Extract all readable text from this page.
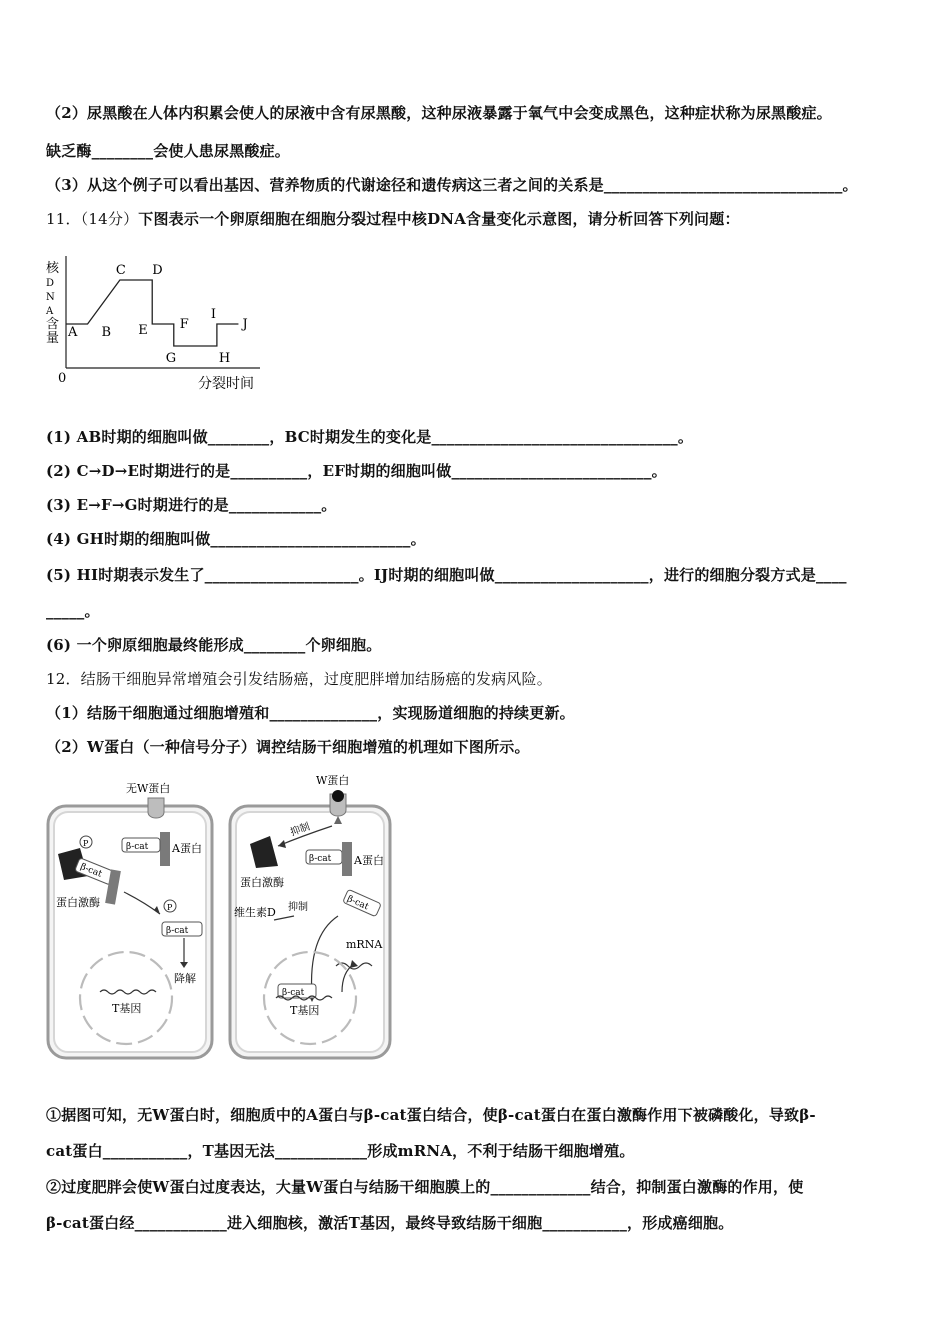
（2）尿黑酸在人体内积累会使人的尿液中含有尿黑酸，这种尿液暴露于氧气中会变成黑色，这种症状称为尿黑酸症。
缺乏酶________会使人患尿黑酸症。
（3）从这个例子可以看出基因、营养物质的代谢途径和遗传病这三者之间的关系是_______________________________。
11．（14分）下图表示一个卵原细胞在细胞分裂过程中核DNA含量变化示意图，请分析回答下列问题：
0	分裂时间
A B
C D
E F
G	H
I
J
核
D
N
A
含
量
(1) AB时期的细胞叫做________，BC时期发生的变化是________________________________。
(2) C→D→E时期进行的是__________，EF时期的细胞叫做__________________________。
(3) E→F→G时期进行的是____________。
(4) GH时期的细胞叫做__________________________。
(5) HI时期表示发生了____________________。IJ时期的细胞叫做____________________，进行的细胞分裂方式是____
_____。
(6) 一个卵原细胞最终能形成________个卵细胞。
12．结肠干细胞异常增殖会引发结肠癌，过度肥胖增加结肠癌的发病风险。
（1）结肠干细胞通过细胞增殖和______________，实现肠道细胞的持续更新。
（2）W蛋白（一种信号分子）调控结肠干细胞增殖的机理如下图所示。
无W蛋白
A蛋白
β-cat
P
β-cat
蛋白激酶	P
β-cat
降解
T基因
W蛋白
抑制
蛋白激酶
β-cat A蛋白
β-cat
维生素D 抑制
mRNA
β-cat
T基因
①据图可知，无W蛋白时，细胞质中的A蛋白与β-cat蛋白结合，使β-cat蛋白在蛋白激酶作用下被磷酸化，导致β-
cat蛋白___________，T基因无法____________形成mRNA，不利于结肠干细胞增殖。
②过度肥胖会使W蛋白过度表达，大量W蛋白与结肠干细胞膜上的_____________结合，抑制蛋白激酶的作用，使
β-cat蛋白经____________进入细胞核，激活T基因，最终导致结肠干细胞___________，形成癌细胞。
